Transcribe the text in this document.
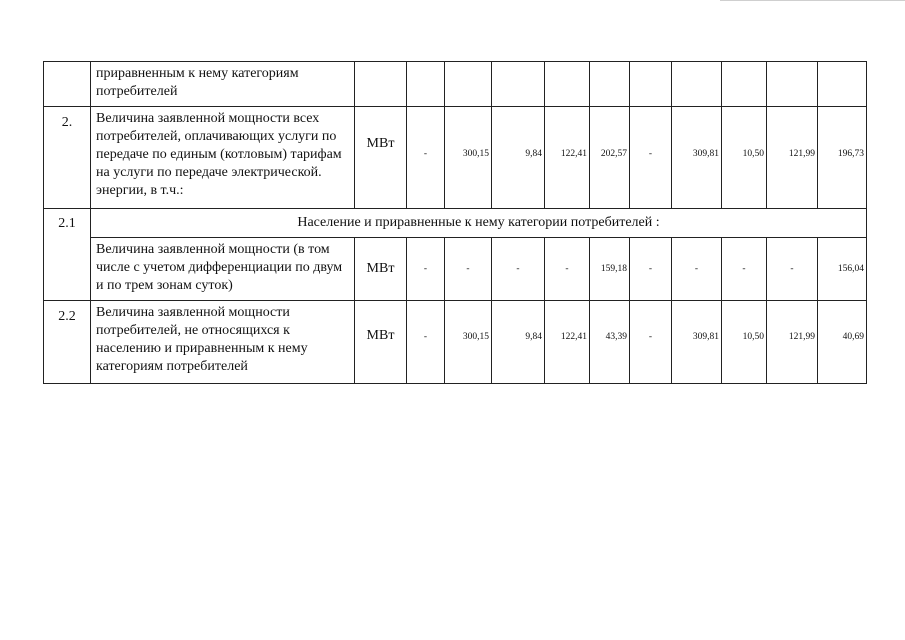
	приравненным к нему категориям потребителей											
2.	Величина заявленной мощности всех потребителей, оплачивающих услуги по передаче по единым (котловым) тарифам на услуги по передаче электрической. энергии, в т.ч.:	МВт	-	300,15	9,84	122,41	202,57	-	309,81	10,50	121,99	196,73
2.1	Население и приравненные к нему категории потребителей :											
	Величина заявленной мощности (в том числе с учетом дифференциации по двум и по трем зонам суток)	МВт	-	-	-	-	159,18	-	-	-	-	156,04
2.2	Величина заявленной мощности потребителей, не относящихся к населению и приравненным к нему категориям потребителей	МВт	-	300,15	9,84	122,41	43,39	-	309,81	10,50	121,99	40,69
